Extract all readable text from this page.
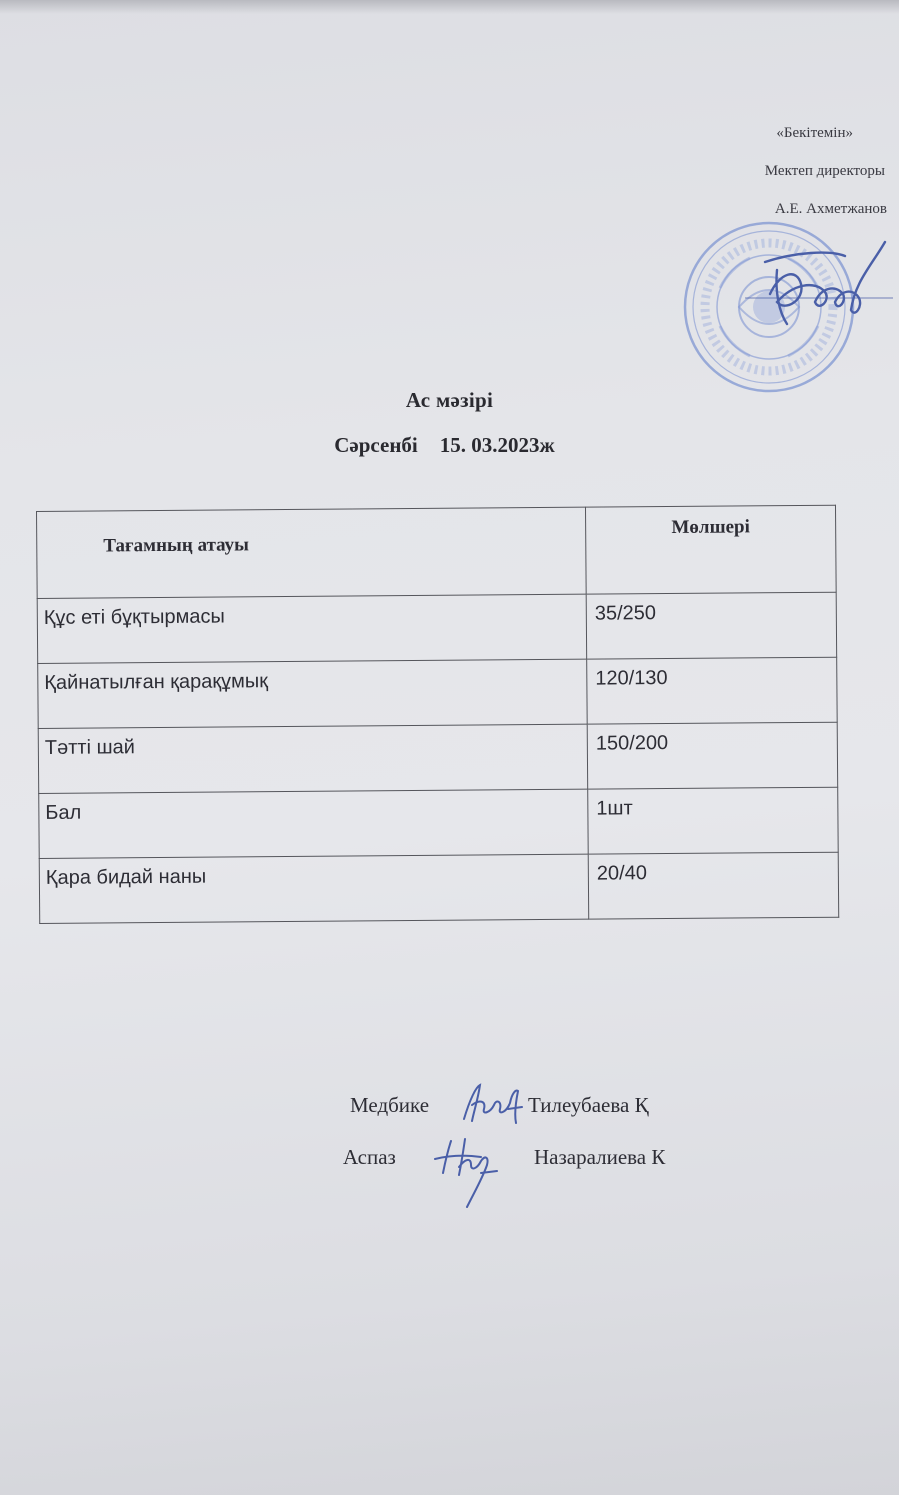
«Бекітемін»
Мектеп директоры
А.Е. Ахметжанов
Ас мәзірі
Сәрсенбі 15. 03.2023ж
Тағамның атауы	Мөлшері
Құс еті бұқтырмасы	35/250
Қайнатылған қарақұмық	120/130
Тәтті шай	150/200
Бал	1шт
Қара бидай наны	20/40
Медбике	Тилеубаева Қ
Аспаз	Назаралиева К
